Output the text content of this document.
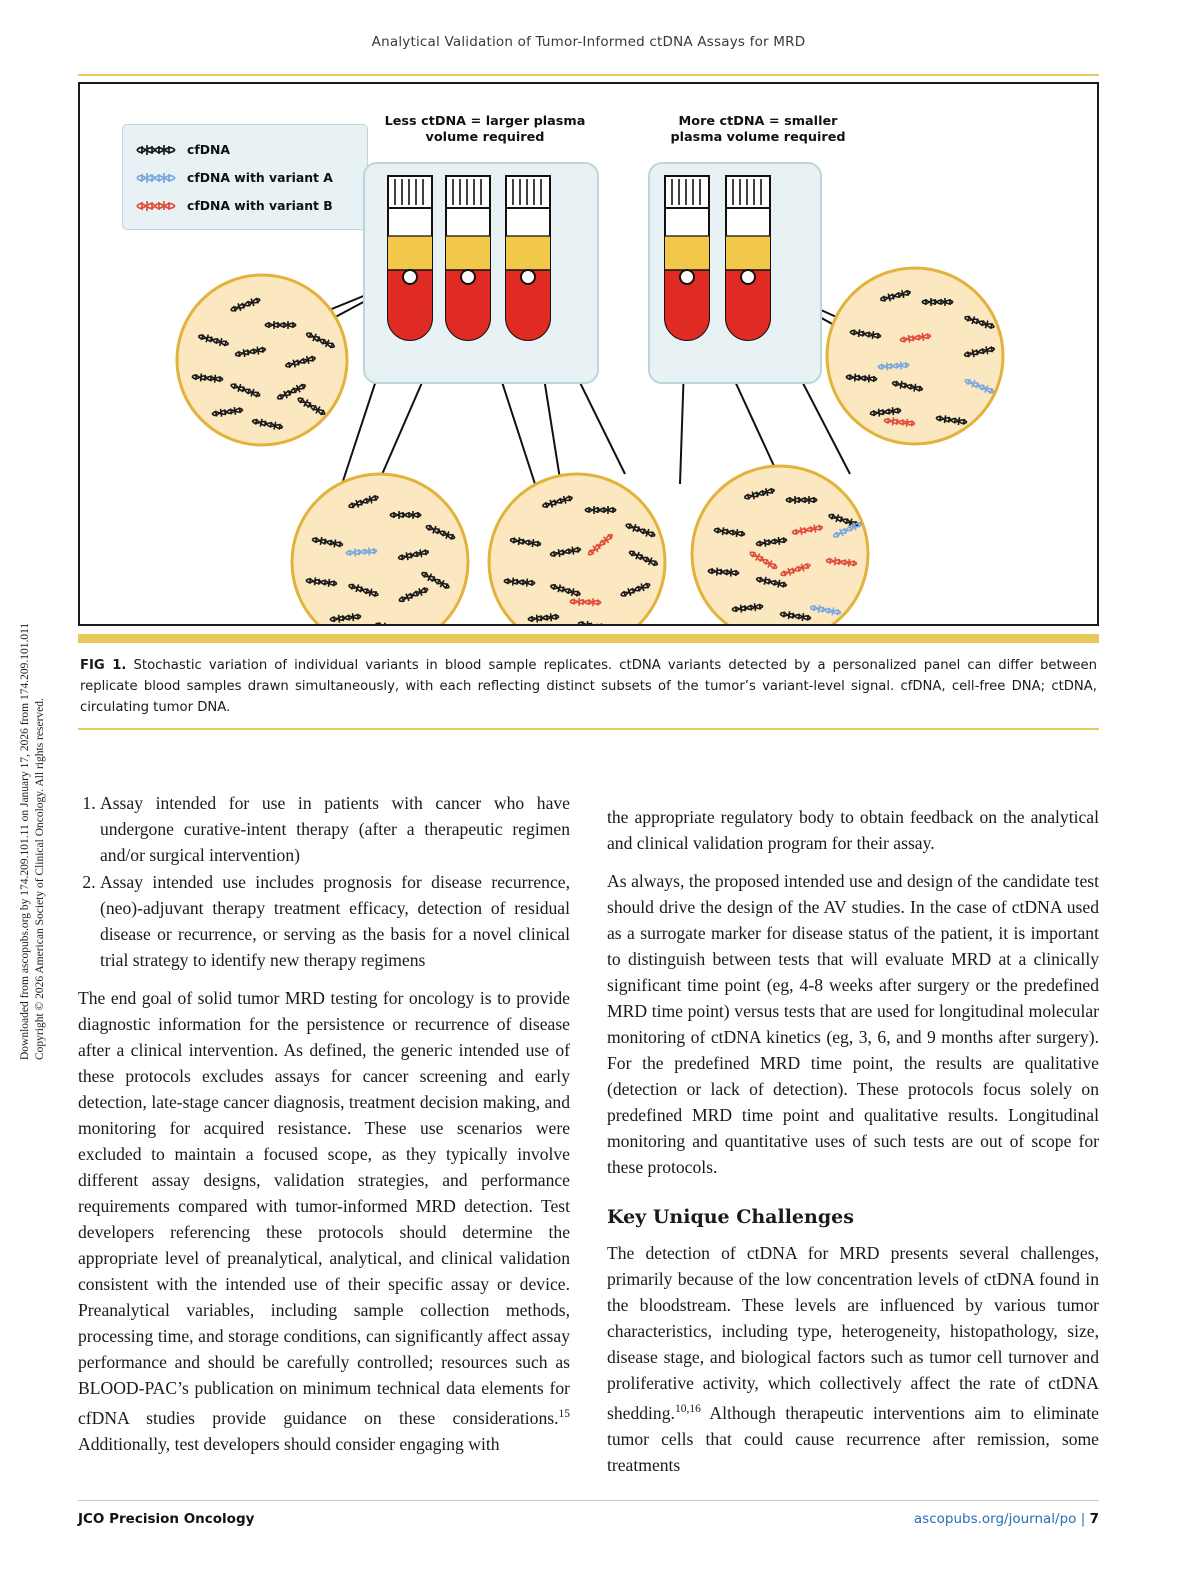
Analytical Validation of Tumor-Informed ctDNA Assays for MRD
Downloaded from ascopubs.org by 174.209.101.11 on January 17, 2026 from 174.209.101.011 Copyright © 2026 American Society of Clinical Oncology. All rights reserved.
cfDNA
cfDNA with variant A
cfDNA with variant B
Less ctDNA = larger plasma
volume required
More ctDNA = smaller
plasma volume required
FIG 1. Stochastic variation of individual variants in blood sample replicates. ctDNA variants detected by a personalized panel can differ between replicate blood samples drawn simultaneously, with each reflecting distinct subsets of the tumor’s variant-level signal. cfDNA, cell-free DNA; ctDNA, circulating tumor DNA.
1. Assay intended for use in patients with cancer who have undergone curative-intent therapy (after a therapeutic regimen and/or surgical intervention)
2. Assay intended use includes prognosis for disease recurrence, (neo)-adjuvant therapy treatment efficacy, detection of residual disease or recurrence, or serving as the basis for a novel clinical trial strategy to identify new therapy regimens

The end goal of solid tumor MRD testing for oncology is to provide diagnostic information for the persistence or recurrence of disease after a clinical intervention. As defined, the generic intended use of these protocols excludes assays for cancer screening and early detection, late-stage cancer diagnosis, treatment decision making, and monitoring for acquired resistance. These use scenarios were excluded to maintain a focused scope, as they typically involve different assay designs, validation strategies, and performance requirements compared with tumor-informed MRD detection. Test developers referencing these protocols should determine the appropriate level of preanalytical, analytical, and clinical validation consistent with the intended use of their specific assay or device. Preanalytical variables, including sample collection methods, processing time, and storage conditions, can significantly affect assay performance and should be carefully controlled; resources such as BLOOD-PAC’s publication on minimum technical data elements for cfDNA studies provide guidance on these considerations.$^{15}$ Additionally, test developers should consider engaging with

the appropriate regulatory body to obtain feedback on the analytical and clinical validation program for their assay.

As always, the proposed intended use and design of the candidate test should drive the design of the AV studies. In the case of ctDNA used as a surrogate marker for disease status of the patient, it is important to distinguish between tests that will evaluate MRD at a clinically significant time point (eg, 4-8 weeks after surgery or the predefined MRD time point) versus tests that are used for longitudinal molecular monitoring of ctDNA kinetics (eg, 3, 6, and 9 months after surgery). For the predefined MRD time point, the results are qualitative (detection or lack of detection). These protocols focus solely on predefined MRD time point and qualitative results. Longitudinal monitoring and quantitative uses of such tests are out of scope for these protocols.

Key Unique Challenges

The detection of ctDNA for MRD presents several challenges, primarily because of the low concentration levels of ctDNA found in the bloodstream. These levels are influenced by various tumor characteristics, including type, heterogeneity, histopathology, size, disease stage, and biological factors such as tumor cell turnover and proliferative activity, which collectively affect the rate of ctDNA shedding.$^{10,16}$ Although therapeutic interventions aim to eliminate tumor cells that could cause recurrence after remission, some treatments

JCO Precision Oncology	ascopubs.org/journal/po | 7
